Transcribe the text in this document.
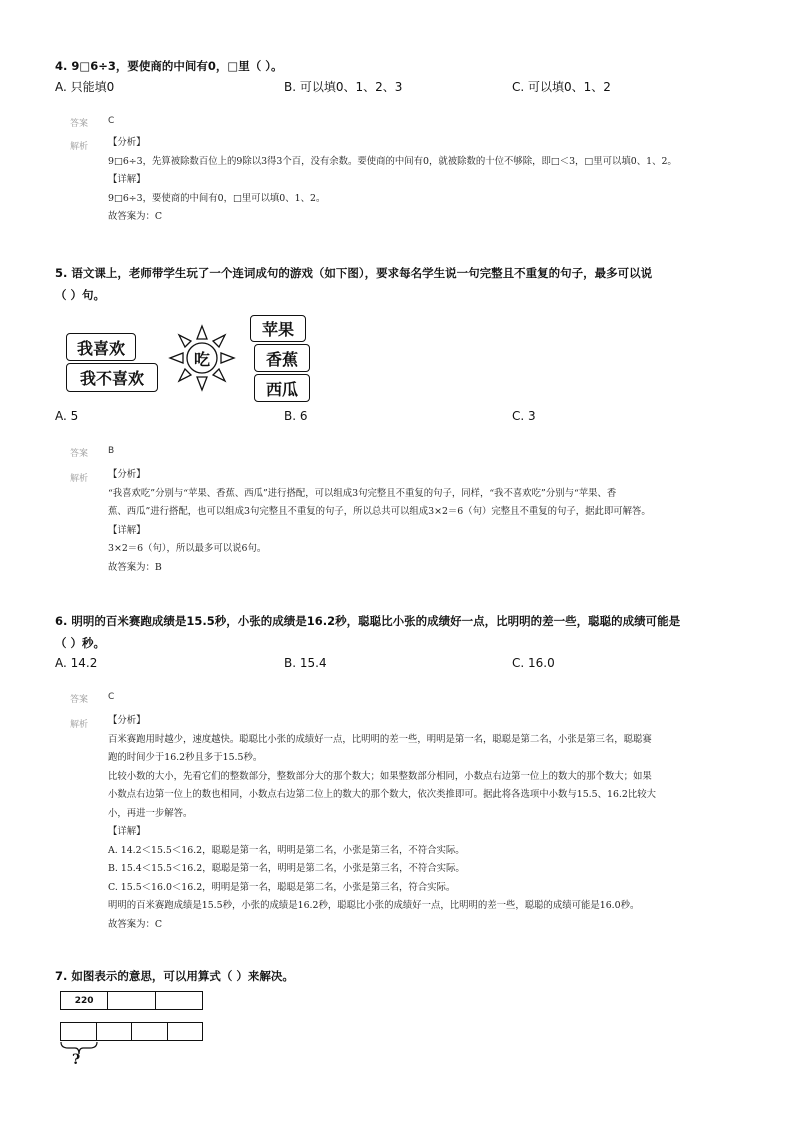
4. 9□6÷3，要使商的中间有0，□里（ ）。
A. 只能填0	B. 可以填0、1、2、3	C. 可以填0、1、2
答案 C
解析 【分析】
9□6÷3，先算被除数百位上的9除以3得3个百，没有余数。要使商的中间有0，就被除数的十位不够除，即□＜3，□里可以填0、1、2。
【详解】
9□6÷3，要使商的中间有0，□里可以填0、1、2。
故答案为：C
5. 语文课上，老师带学生玩了一个连词成句的游戏（如下图），要求每名学生说一句完整且不重复的句子，最多可以说
（ ）句。
我喜欢
我不喜欢
吃
苹果
香蕉
西瓜
A. 5	B. 6	C. 3
答案 B
解析 【分析】
“我喜欢吃”分别与“苹果、香蕉、西瓜”进行搭配，可以组成3句完整且不重复的句子，同样，“我不喜欢吃”分别与“苹果、香
蕉、西瓜”进行搭配，也可以组成3句完整且不重复的句子，所以总共可以组成3×2＝6（句）完整且不重复的句子，据此即可解答。
【详解】
3×2＝6（句），所以最多可以说6句。
故答案为：B
6. 明明的百米赛跑成绩是15.5秒，小张的成绩是16.2秒，聪聪比小张的成绩好一点，比明明的差一些，聪聪的成绩可能是
（ ）秒。
A. 14.2	B. 15.4	C. 16.0
答案 C
解析 【分析】
百米赛跑用时越少，速度越快。聪聪比小张的成绩好一点，比明明的差一些，明明是第一名，聪聪是第二名，小张是第三名，聪聪赛
跑的时间少于16.2秒且多于15.5秒。
比较小数的大小，先看它们的整数部分，整数部分大的那个数大；如果整数部分相同，小数点右边第一位上的数大的那个数大；如果
小数点右边第一位上的数也相同，小数点右边第二位上的数大的那个数大，依次类推即可。据此将各选项中小数与15.5、16.2比较大
小，再进一步解答。
【详解】
A. 14.2＜15.5＜16.2，聪聪是第一名，明明是第二名，小张是第三名，不符合实际。
B. 15.4＜15.5＜16.2，聪聪是第一名，明明是第二名，小张是第三名，不符合实际。
C. 15.5＜16.0＜16.2，明明是第一名，聪聪是第二名，小张是第三名，符合实际。
明明的百米赛跑成绩是15.5秒，小张的成绩是16.2秒，聪聪比小张的成绩好一点，比明明的差一些，聪聪的成绩可能是16.0秒。
故答案为：C
7. 如图表示的意思，可以用算式（ ）来解决。
220
?
